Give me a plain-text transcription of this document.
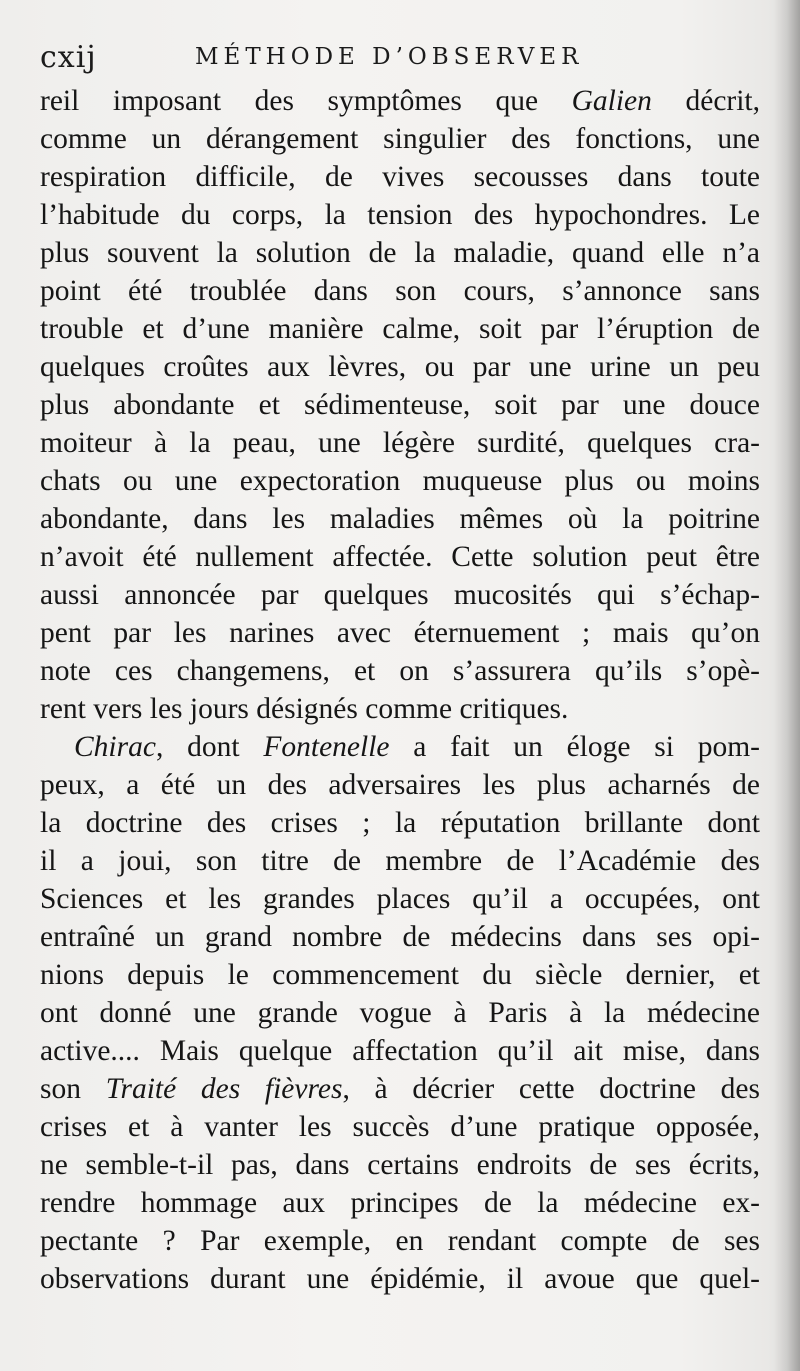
cxij	MÉTHODE D’OBSERVER
reil imposant des symptômes que Galien décrit,
comme un dérangement singulier des fonctions, une
respiration difficile, de vives secousses dans toute
l’habitude du corps, la tension des hypochondres. Le
plus souvent la solution de la maladie, quand elle n’a
point été troublée dans son cours, s’annonce sans
trouble et d’une manière calme, soit par l’éruption de
quelques croûtes aux lèvres, ou par une urine un peu
plus abondante et sédimenteuse, soit par une douce
moiteur à la peau, une légère surdité, quelques cra-
chats ou une expectoration muqueuse plus ou moins
abondante, dans les maladies mêmes où la poitrine
n’avoit été nullement affectée. Cette solution peut être
aussi annoncée par quelques mucosités qui s’échap-
pent par les narines avec éternuement ; mais qu’on
note ces changemens, et on s’assurera qu’ils s’opè-
rent vers les jours désignés comme critiques.
Chirac, dont Fontenelle a fait un éloge si pom-
peux, a été un des adversaires les plus acharnés de
la doctrine des crises ; la réputation brillante dont
il a joui, son titre de membre de l’Académie des
Sciences et les grandes places qu’il a occupées, ont
entraîné un grand nombre de médecins dans ses opi-
nions depuis le commencement du siècle dernier, et
ont donné une grande vogue à Paris à la médecine
active.... Mais quelque affectation qu’il ait mise, dans
son Traité des fièvres, à décrier cette doctrine des
crises et à vanter les succès d’une pratique opposée,
ne semble-t-il pas, dans certains endroits de ses écrits,
rendre hommage aux principes de la médecine ex-
pectante ? Par exemple, en rendant compte de ses
observations durant une épidémie, il avoue que quel-
